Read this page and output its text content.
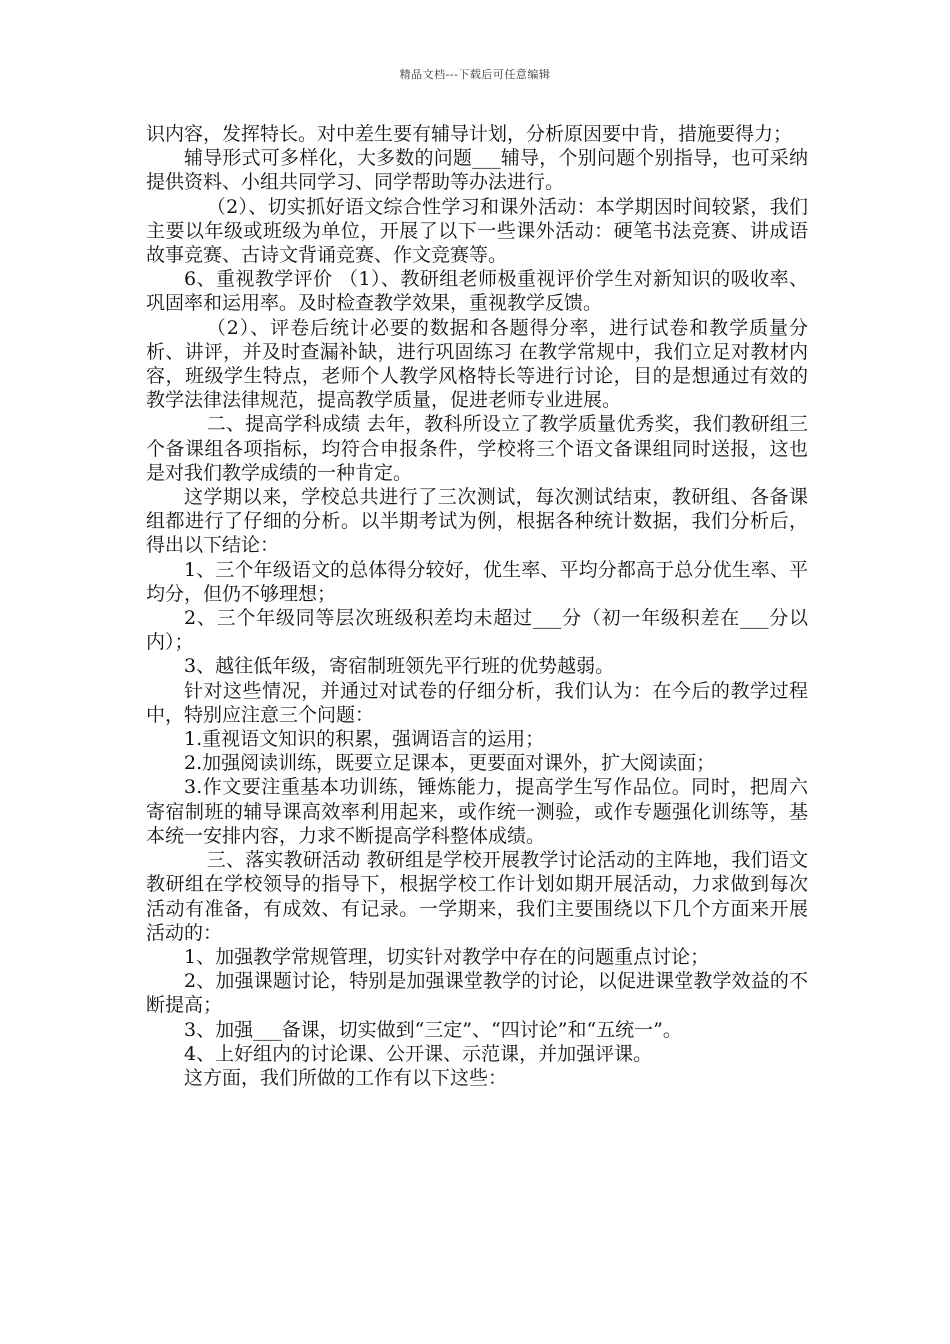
精品文档---下载后可任意编辑

识内容，发挥特长。对中差生要有辅导计划，分析原因要中肯，措施要得力；

辅导形式可多样化，大多数的问题___辅导，个别问题个别指导，也可采纳提供资料、小组共同学习、同学帮助等办法进行。

（2）、切实抓好语文综合性学习和课外活动：本学期因时间较紧，我们主要以年级或班级为单位，开展了以下一些课外活动：硬笔书法竞赛、讲成语故事竞赛、古诗文背诵竞赛、作文竞赛等。

6、重视教学评价 （1）、教研组老师极重视评价学生对新知识的吸收率、巩固率和运用率。及时检查教学效果，重视教学反馈。

（2）、评卷后统计必要的数据和各题得分率，进行试卷和教学质量分析、讲评，并及时查漏补缺，进行巩固练习 在教学常规中，我们立足对教材内容，班级学生特点，老师个人教学风格特长等进行讨论，目的是想通过有效的教学法律法律规范，提高教学质量，促进老师专业进展。

二、提高学科成绩 去年，教科所设立了教学质量优秀奖，我们教研组三个备课组各项指标，均符合申报条件，学校将三个语文备课组同时送报，这也是对我们教学成绩的一种肯定。

这学期以来，学校总共进行了三次测试，每次测试结束，教研组、各备课组都进行了仔细的分析。以半期考试为例，根据各种统计数据，我们分析后，得出以下结论：

1、三个年级语文的总体得分较好，优生率、平均分都高于总分优生率、平均分，但仍不够理想；

2、三个年级同等层次班级积差均未超过___分（初一年级积差在___分以内）；

3、越往低年级，寄宿制班领先平行班的优势越弱。

针对这些情况，并通过对试卷的仔细分析，我们认为：在今后的教学过程中，特别应注意三个问题：

1.重视语文知识的积累，强调语言的运用；

2.加强阅读训练，既要立足课本，更要面对课外，扩大阅读面；

3.作文要注重基本功训练，锤炼能力，提高学生写作品位。同时，把周六寄宿制班的辅导课高效率利用起来，或作统一测验，或作专题强化训练等，基本统一安排内容，力求不断提高学科整体成绩。

三、落实教研活动 教研组是学校开展教学讨论活动的主阵地，我们语文教研组在学校领导的指导下，根据学校工作计划如期开展活动，力求做到每次活动有准备，有成效、有记录。一学期来，我们主要围绕以下几个方面来开展活动的：

1、加强教学常规管理，切实针对教学中存在的问题重点讨论；

2、加强课题讨论，特别是加强课堂教学的讨论，以促进课堂教学效益的不断提高；

3、加强___备课，切实做到“三定”、“四讨论”和“五统一”。

4、上好组内的讨论课、公开课、示范课，并加强评课。

这方面，我们所做的工作有以下这些：
